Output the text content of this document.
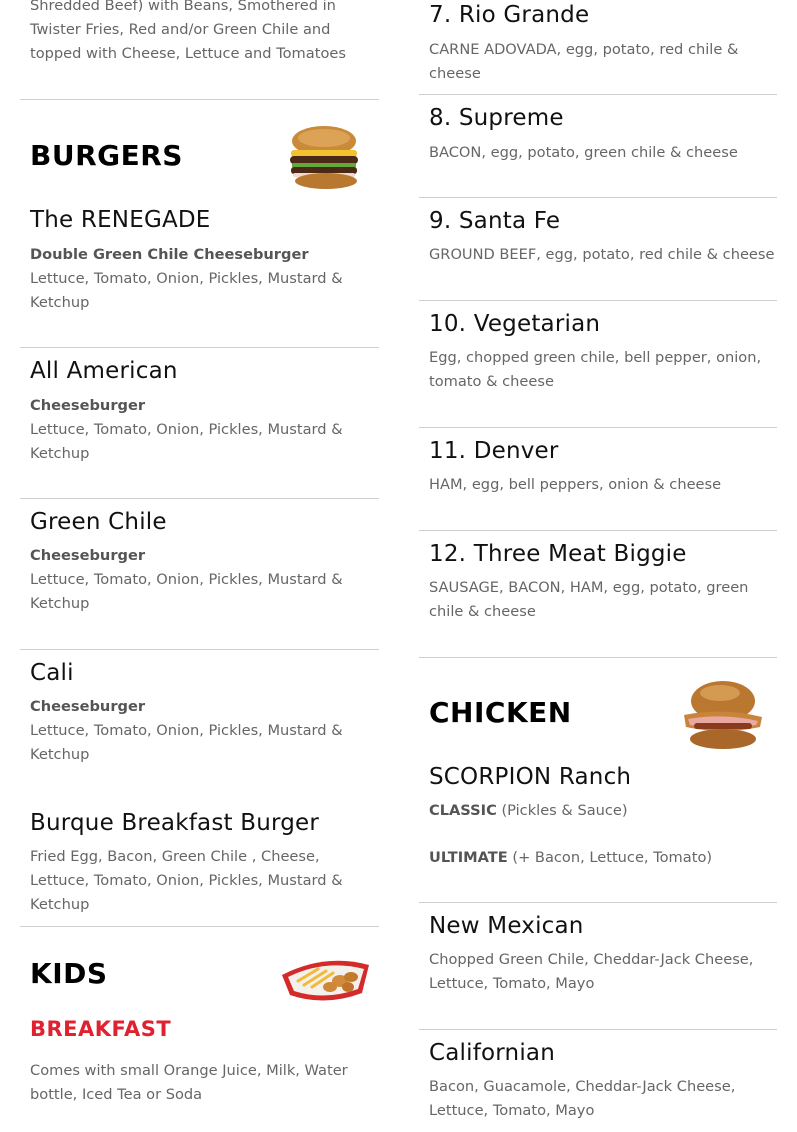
Shredded Beef) with Beans, Smothered in

Twister Fries, Red and/or Green Chile and

topped with Cheese, Lettuce and Tomatoes

BURGERS
The RENEGADE

Double Green Chile Cheeseburger

Lettuce, Tomato, Onion, Pickles, Mustard & Ketchup

All American

Cheeseburger

Lettuce, Tomato, Onion, Pickles, Mustard & Ketchup

Green Chile

Cheeseburger

Lettuce, Tomato, Onion, Pickles, Mustard & Ketchup

Cali

Cheeseburger

Lettuce, Tomato, Onion, Pickles, Mustard & Ketchup

Burque Breakfast Burger

Fried Egg, Bacon, Green Chile , Cheese, Lettuce, Tomato, Onion, Pickles, Mustard & Ketchup

KIDS
BREAKFAST

Comes with small Orange Juice, Milk, Water bottle, Iced Tea or Soda

7. Rio Grande

CARNE ADOVADA, egg, potato, red chile & cheese

8. Supreme

BACON, egg, potato, green chile & cheese

9. Santa Fe

GROUND BEEF, egg, potato, red chile & cheese

10. Vegetarian

Egg, chopped green chile, bell pepper, onion, tomato & cheese

11. Denver

HAM, egg, bell peppers, onion & cheese

12. Three Meat Biggie

SAUSAGE, BACON, HAM, egg, potato, green chile & cheese

CHICKEN
SCORPION Ranch

CLASSIC (Pickles & Sauce)

ULTIMATE (+ Bacon, Lettuce, Tomato)

New Mexican

Chopped Green Chile, Cheddar-Jack Cheese, Lettuce, Tomato, Mayo

Californian

Bacon, Guacamole, Cheddar-Jack Cheese, Lettuce, Tomato, Mayo
